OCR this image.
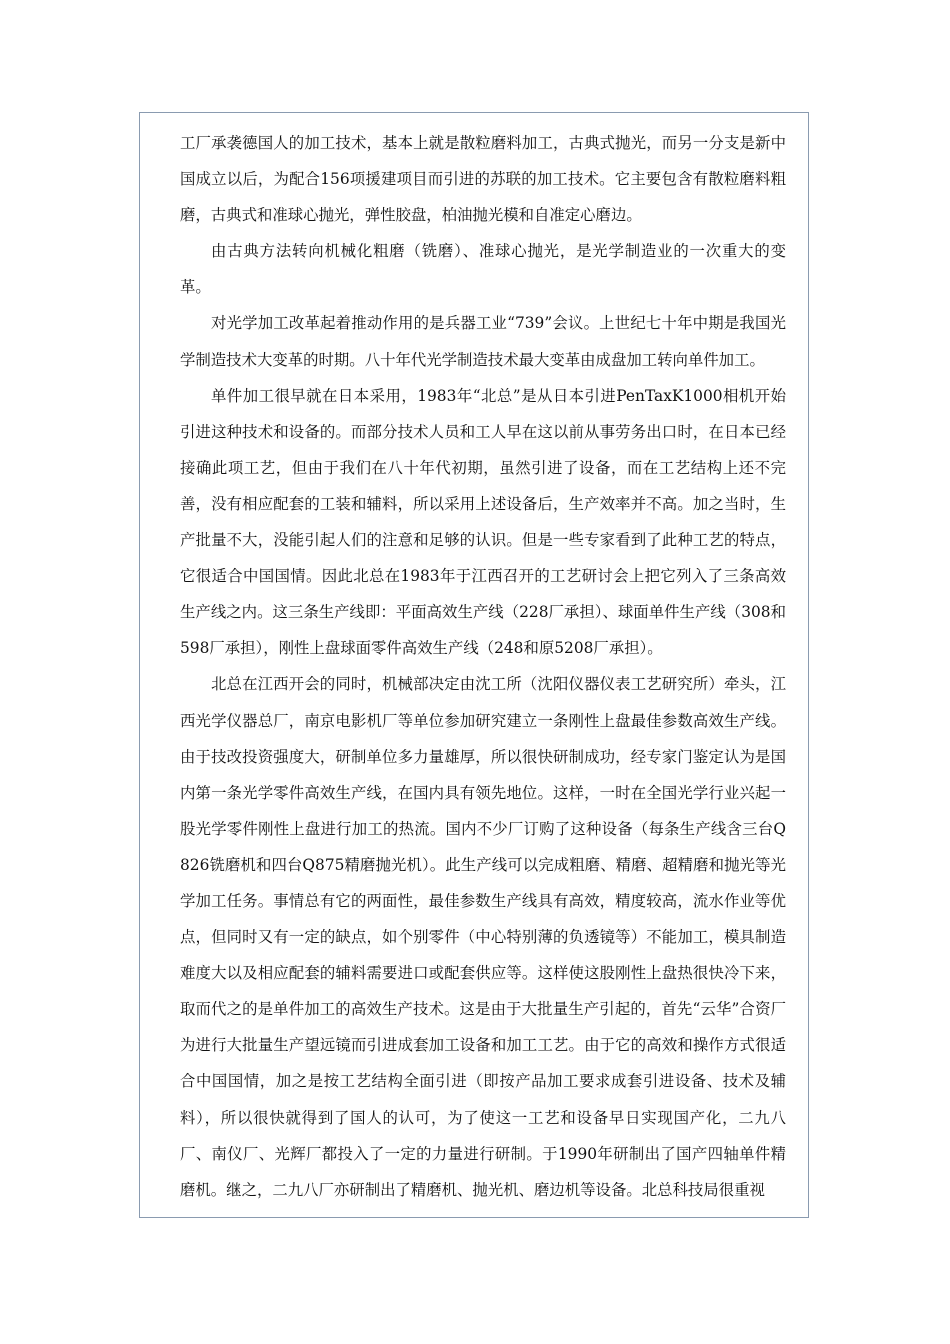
工厂承袭德国人的加工技术，基本上就是散粒磨料加工，古典式抛光，而另一分支是新中国成立以后，为配合156项援建项目而引进的苏联的加工技术。它主要包含有散粒磨料粗磨，古典式和准球心抛光，弹性胶盘，柏油抛光模和自准定心磨边。

由古典方法转向机械化粗磨（铣磨）、准球心抛光，是光学制造业的一次重大的变革。

对光学加工改革起着推动作用的是兵器工业“739”会议。上世纪七十年中期是我国光学制造技术大变革的时期。八十年代光学制造技术最大变革由成盘加工转向单件加工。

单件加工很早就在日本采用，1983年“北总”是从日本引进PenTaxK1000相机开始引进这种技术和设备的。而部分技术人员和工人早在这以前从事劳务出口时，在日本已经接确此项工艺，但由于我们在八十年代初期，虽然引进了设备，而在工艺结构上还不完善，没有相应配套的工装和辅料，所以采用上述设备后，生产效率并不高。加之当时，生产批量不大，没能引起人们的注意和足够的认识。但是一些专家看到了此种工艺的特点，它很适合中国国情。因此北总在1983年于江西召开的工艺研讨会上把它列入了三条高效生产线之内。这三条生产线即：平面高效生产线（228厂承担）、球面单件生产线（308和598厂承担），刚性上盘球面零件高效生产线（248和原5208厂承担）。

北总在江西开会的同时，机械部决定由沈工所（沈阳仪器仪表工艺研究所）牵头，江西光学仪器总厂，南京电影机厂等单位参加研究建立一条刚性上盘最佳参数高效生产线。由于技改投资强度大，研制单位多力量雄厚，所以很快研制成功，经专家门鉴定认为是国内第一条光学零件高效生产线，在国内具有领先地位。这样，一时在全国光学行业兴起一股光学零件刚性上盘进行加工的热流。国内不少厂订购了这种设备（每条生产线含三台Q826铣磨机和四台Q875精磨抛光机）。此生产线可以完成粗磨、精磨、超精磨和抛光等光学加工任务。事情总有它的两面性，最佳参数生产线具有高效，精度较高，流水作业等优点，但同时又有一定的缺点，如个别零件（中心特别薄的负透镜等）不能加工，模具制造难度大以及相应配套的辅料需要进口或配套供应等。这样使这股刚性上盘热很快冷下来，取而代之的是单件加工的高效生产技术。这是由于大批量生产引起的，首先“云华”合资厂为进行大批量生产望远镜而引进成套加工设备和加工工艺。由于它的高效和操作方式很适合中国国情，加之是按工艺结构全面引进（即按产品加工要求成套引进设备、技术及辅料），所以很快就得到了国人的认可，为了使这一工艺和设备早日实现国产化，二九八厂、南仪厂、光辉厂都投入了一定的力量进行研制。于1990年研制出了国产四轴单件精磨机。继之，二九八厂亦研制出了精磨机、抛光机、磨边机等设备。北总科技局很重视
